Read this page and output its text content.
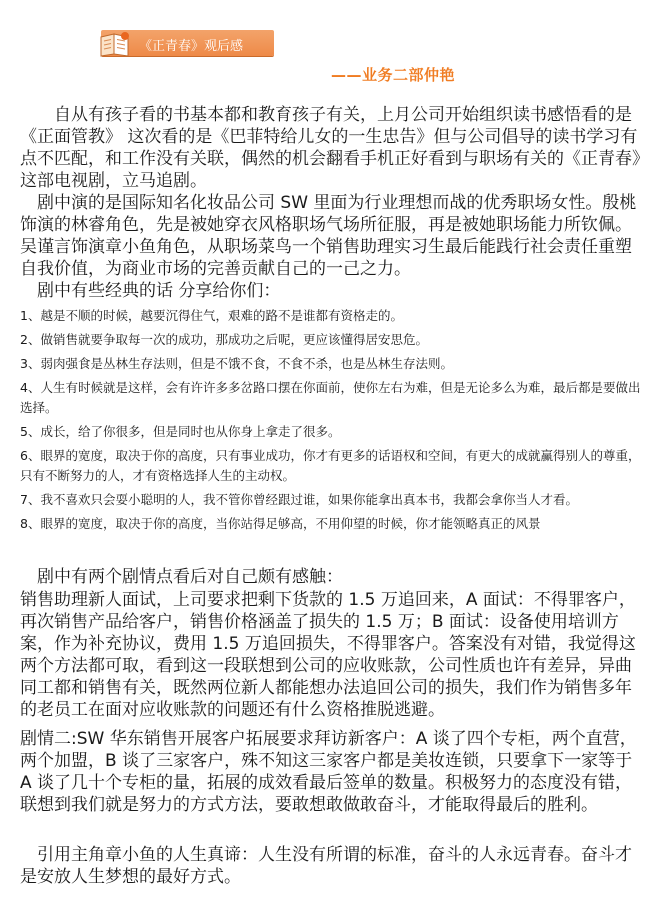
《正青春》观后感
——业务二部仲艳

自从有孩子看的书基本都和教育孩子有关，上月公司开始组织读书感悟看的是《正面管教》 这次看的是《巴菲特给儿女的一生忠告》但与公司倡导的读书学习有点不匹配，和工作没有关联，偶然的机会翻看手机正好看到与职场有关的《正青春》这部电视剧，立马追剧。

剧中演的是国际知名化妆品公司 SW 里面为行业理想而战的优秀职场女性。殷桃饰演的林睿角色，先是被她穿衣风格职场气场所征服，再是被她职场能力所钦佩。吴谨言饰演章小鱼角色，从职场菜鸟一个销售助理实习生最后能践行社会责任重塑自我价值，为商业市场的完善贡献自己的一己之力。

剧中有些经典的话 分享给你们：

1、越是不顺的时候，越要沉得住气，艰难的路不是谁都有资格走的。
2、做销售就要争取每一次的成功，那成功之后呢，更应该懂得居安思危。
3、弱肉强食是丛林生存法则，但是不饿不食，不食不杀，也是丛林生存法则。
4、人生有时候就是这样，会有许许多多岔路口摆在你面前，使你左右为难，但是无论多么为难，最后都是要做出选择。
5、成长，给了你很多，但是同时也从你身上拿走了很多。
6、眼界的宽度，取决于你的高度，只有事业成功，你才有更多的话语权和空间，有更大的成就赢得别人的尊重，只有不断努力的人，才有资格选择人生的主动权。
7、我不喜欢只会耍小聪明的人，我不管你曾经跟过谁，如果你能拿出真本书，我都会拿你当人才看。
8、眼界的宽度，取决于你的高度，当你站得足够高，不用仰望的时候，你才能领略真正的风景

剧中有两个剧情点看后对自己颇有感触：

销售助理新人面试，上司要求把剩下货款的 1.5 万追回来，A 面试：不得罪客户，再次销售产品给客户，销售价格涵盖了损失的 1.5 万；B 面试：设备使用培训方案，作为补充协议，费用 1.5 万追回损失，不得罪客户。答案没有对错，我觉得这两个方法都可取，看到这一段联想到公司的应收账款，公司性质也许有差异，异曲同工都和销售有关，既然两位新人都能想办法追回公司的损失，我们作为销售多年的老员工在面对应收账款的问题还有什么资格推脱逃避。

剧情二:SW 华东销售开展客户拓展要求拜访新客户：A 谈了四个专柜，两个直营，两个加盟，B 谈了三家客户，殊不知这三家客户都是美妆连锁，只要拿下一家等于 A 谈了几十个专柜的量，拓展的成效看最后签单的数量。积极努力的态度没有错，联想到我们就是努力的方式方法，要敢想敢做敢奋斗，才能取得最后的胜利。

引用主角章小鱼的人生真谛：人生没有所谓的标准，奋斗的人永远青春。奋斗才是安放人生梦想的最好方式。
